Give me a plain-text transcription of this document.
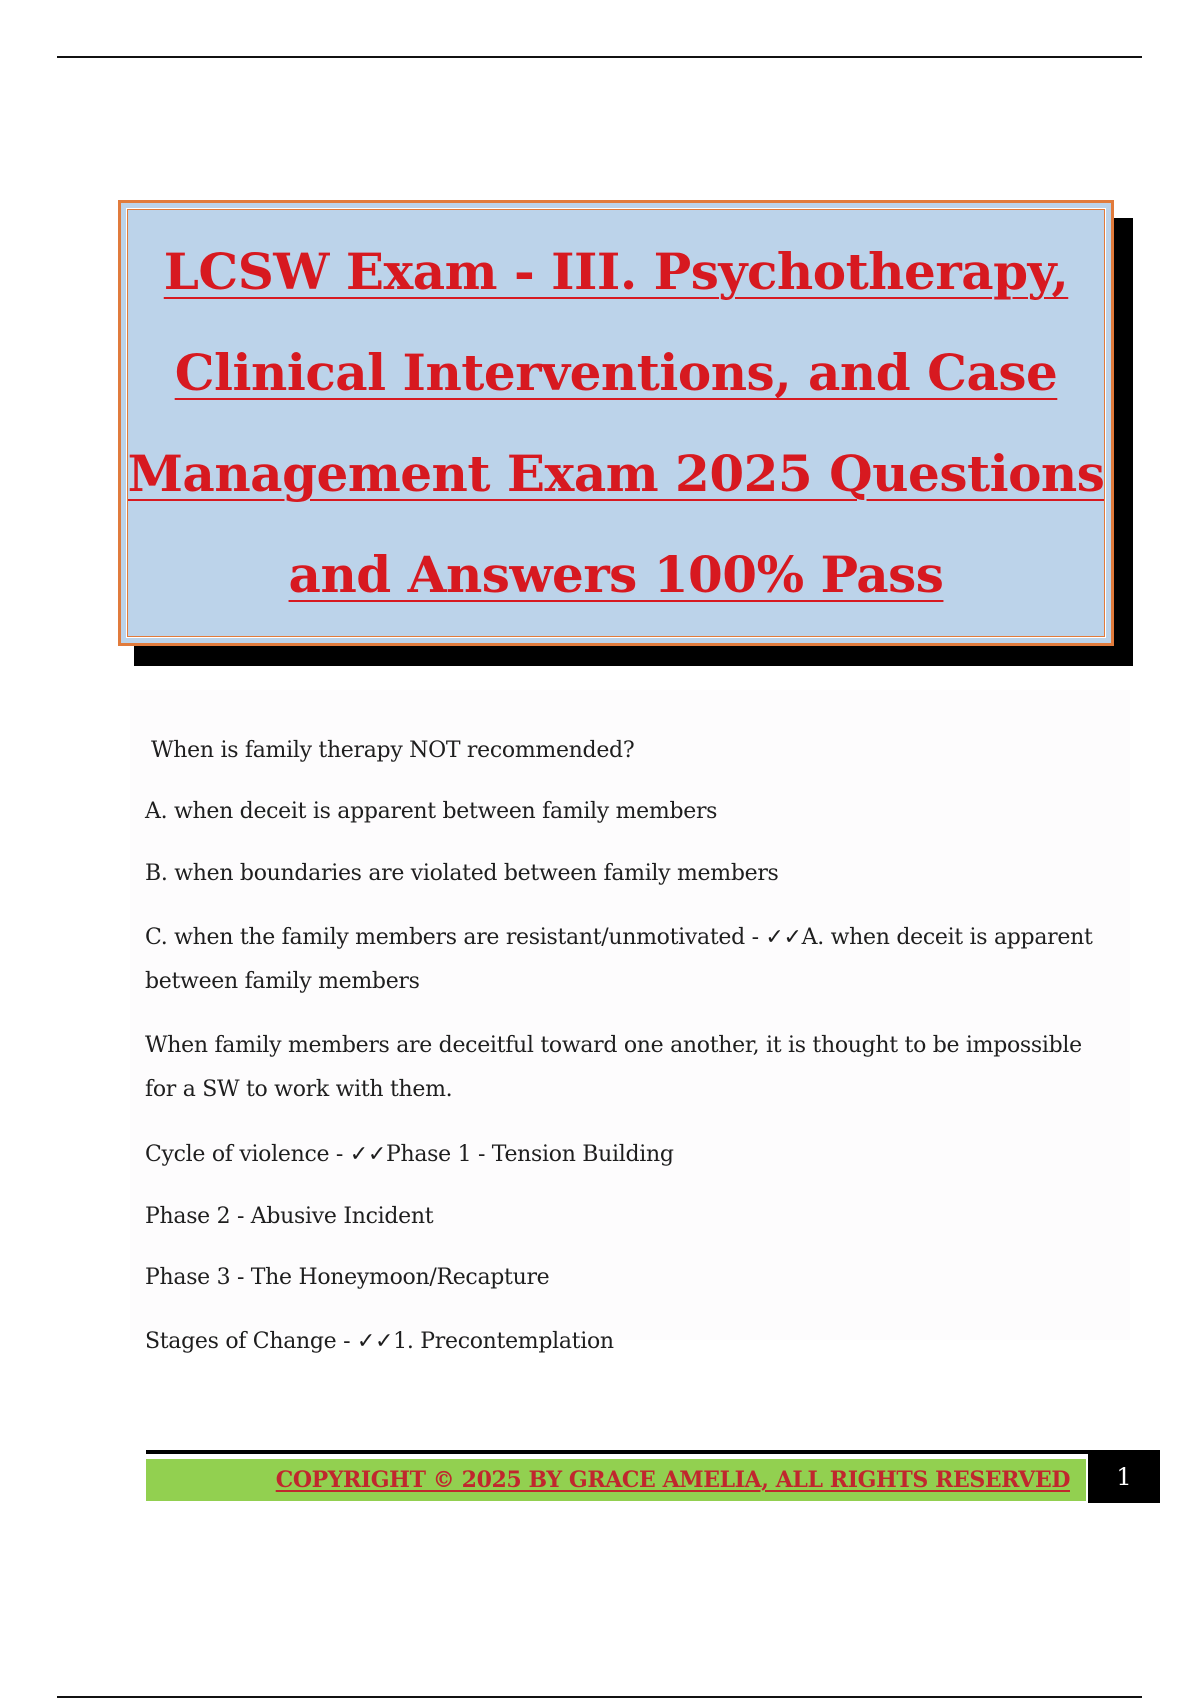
LCSW Exam - III. Psychotherapy,
Clinical Interventions, and Case
Management Exam 2025 Questions
and Answers 100% Pass
When is family therapy NOT recommended?
A. when deceit is apparent between family members
B. when boundaries are violated between family members
C. when the family members are resistant/unmotivated - ✓✓A. when deceit is apparent between family members
When family members are deceitful toward one another, it is thought to be impossible for a SW to work with them.
Cycle of violence - ✓✓Phase 1 - Tension Building
Phase 2 - Abusive Incident
Phase 3 - The Honeymoon/Recapture
Stages of Change - ✓✓1. Precontemplation
COPYRIGHT © 2025 BY GRACE AMELIA, ALL RIGHTS RESERVED	1
